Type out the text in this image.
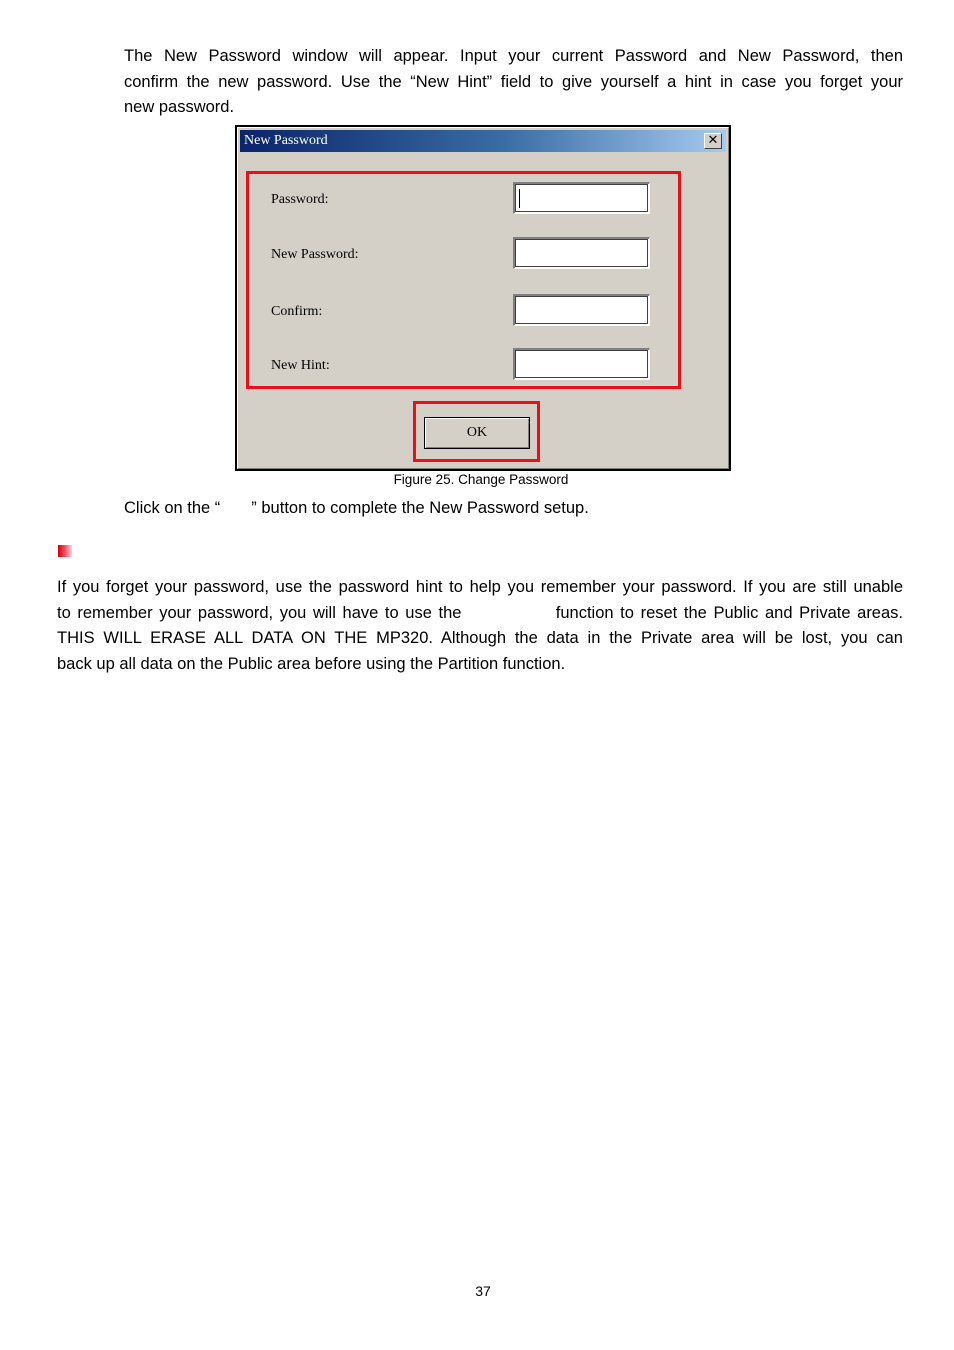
The New Password window will appear. Input your current Password and New Password, then
confirm the new password. Use the “New Hint” field to give yourself a hint in case you forget your
new password.

New Password	✕
Password:
New Password:
Confirm:
New Hint:
OK
Figure 25. Change Password
Click on the “ ” button to complete the New Password setup.

If you forget your password, use the password hint to help you remember your password. If you are still unable
to remember your password, you will have to use the	function to reset the Public and Private areas.
THIS WILL ERASE ALL DATA ON THE MP320. Although the data in the Private area will be lost, you can
back up all data on the Public area before using the Partition function.

37
